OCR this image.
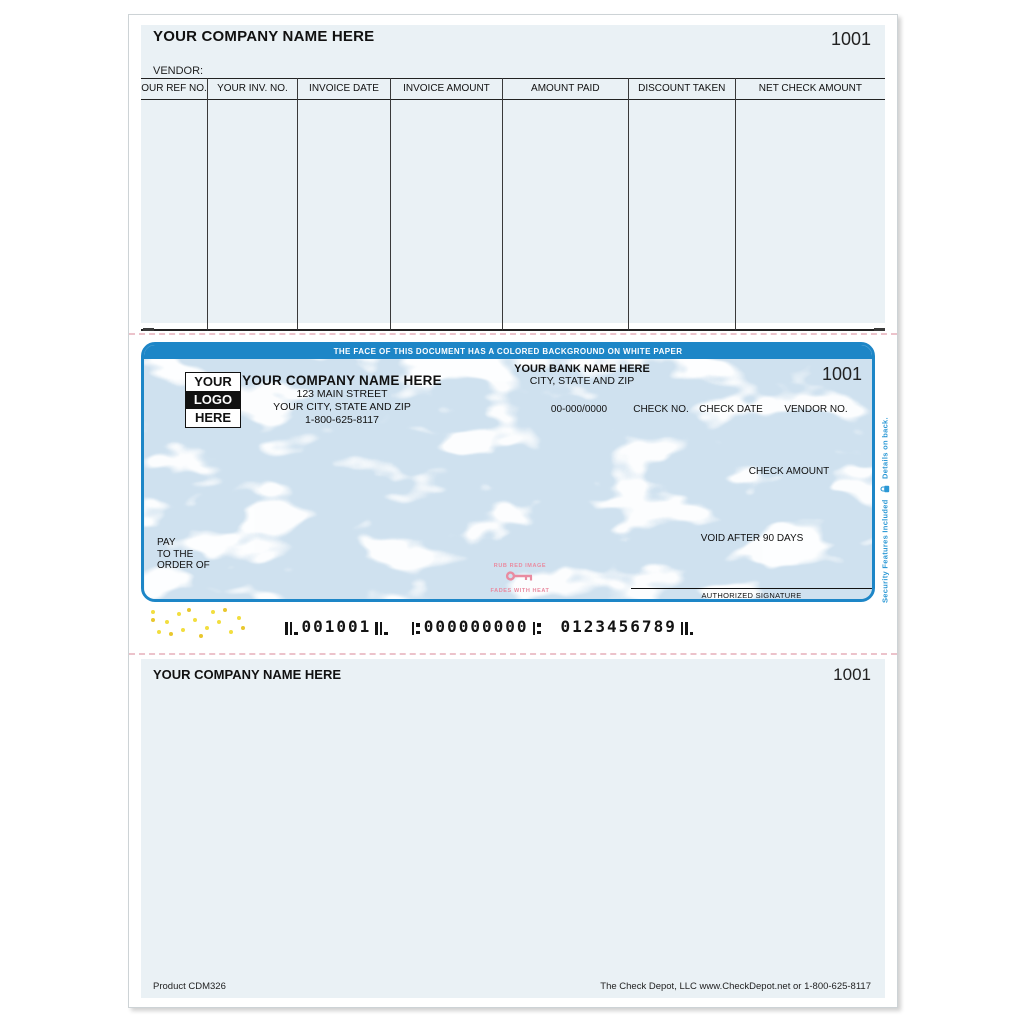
YOUR COMPANY NAME HERE	1001
VENDOR:
OUR REF NO.	YOUR INV. NO.	INVOICE DATE	INVOICE AMOUNT	AMOUNT PAID	DISCOUNT TAKEN	NET CHECK AMOUNT
THE FACE OF THIS DOCUMENT HAS A COLORED BACKGROUND ON WHITE PAPER
1001
YOUR
LOGO
HERE
YOUR COMPANY NAME HERE
123 MAIN STREET
YOUR CITY, STATE AND ZIP
1-800-625-8117
YOUR BANK NAME HERE
CITY, STATE AND ZIP
00-000/0000	CHECK NO.	CHECK DATE	VENDOR NO.
CHECK AMOUNT
VOID AFTER 90 DAYS
PAY
TO THE
ORDER OF
AUTHORIZED SIGNATURE
RUB RED IMAGE
FADES WITH HEAT
001001	000000000 0123456789
Security Features Included
Details on back.
YOUR COMPANY NAME HERE	1001
Product CDM326	The Check Depot, LLC www.CheckDepot.net or 1-800-625-8117
